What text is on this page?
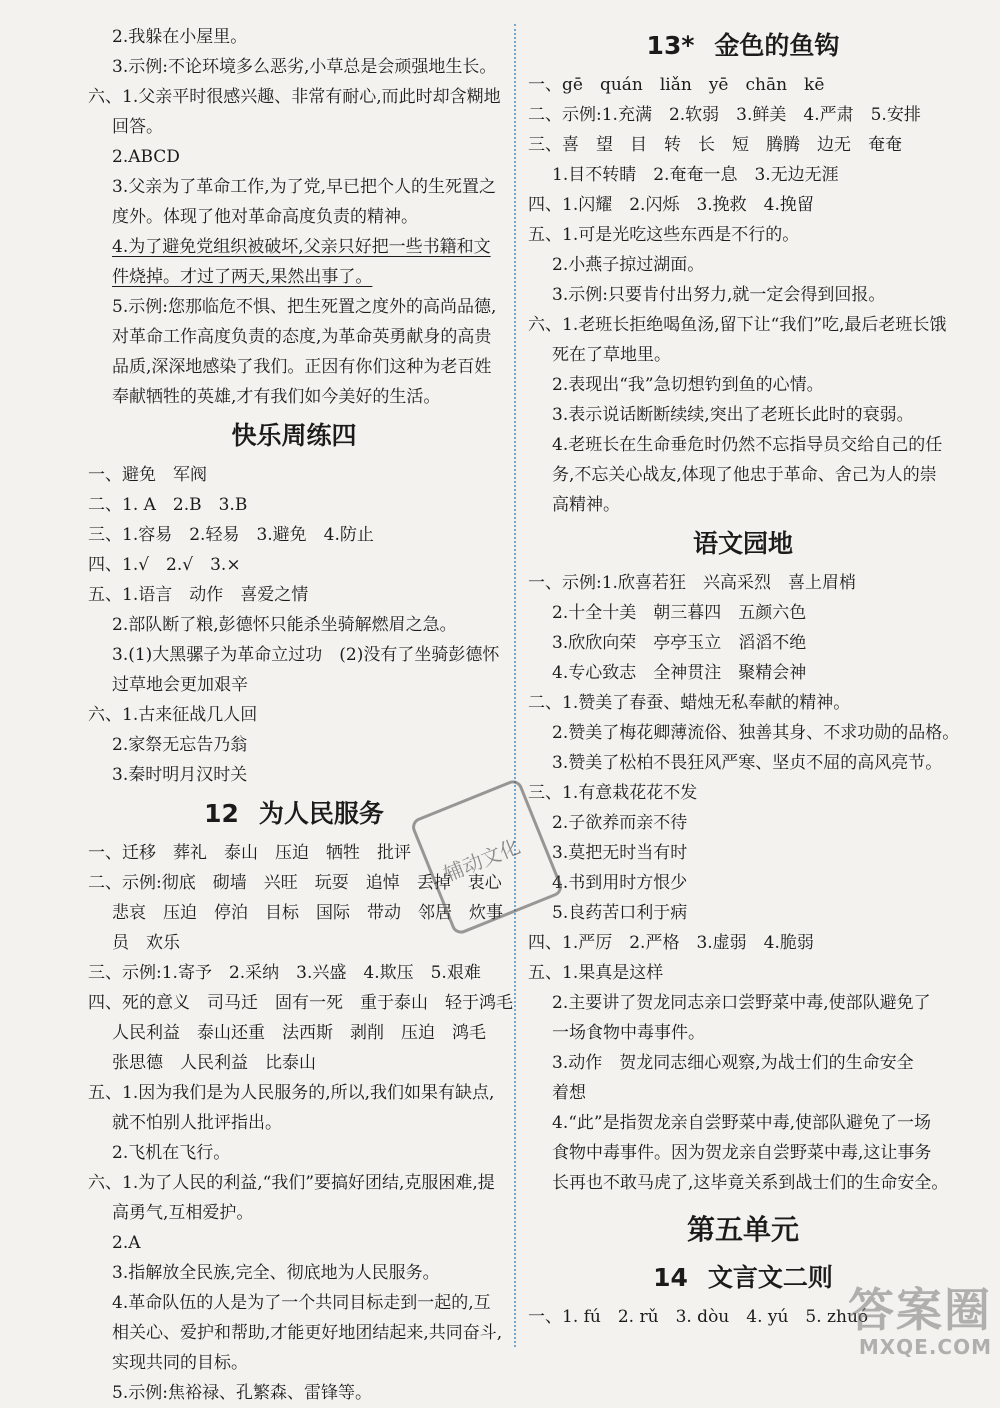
2.我躲在小屋里。
3.示例:不论环境多么恶劣,小草总是会顽强地生长。
六、1.父亲平时很感兴趣、非常有耐心,而此时却含糊地
回答。
2.ABCD
3.父亲为了革命工作,为了党,早已把个人的生死置之
度外。体现了他对革命高度负责的精神。
4.为了避免党组织被破坏,父亲只好把一些书籍和文
件烧掉。才过了两天,果然出事了。
5.示例:您那临危不惧、把生死置之度外的高尚品德,
对革命工作高度负责的态度,为革命英勇献身的高贵
品质,深深地感染了我们。正因有你们这种为老百姓
奉献牺牲的英雄,才有我们如今美好的生活。
快乐周练四
一、避免　军阀
二、1. A　2.B　3.B
三、1.容易　2.轻易　3.避免　4.防止
四、1.√　2.√　3.×
五、1.语言　动作　喜爱之情
2.部队断了粮,彭德怀只能杀坐骑解燃眉之急。
3.(1)大黑骡子为革命立过功　(2)没有了坐骑彭德怀
过草地会更加艰辛
六、1.古来征战几人回
2.家祭无忘告乃翁
3.秦时明月汉时关
12 为人民服务
一、迁移　葬礼　泰山　压迫　牺牲　批评
二、示例:彻底　砌墙　兴旺　玩耍　追悼　丢掉　衷心
悲哀　压迫　停泊　目标　国际　带动　邻居　炊事
员　欢乐
三、示例:1.寄予　2.采纳　3.兴盛　4.欺压　5.艰难
四、死的意义　司马迁　固有一死　重于泰山　轻于鸿毛
人民利益　泰山还重　法西斯　剥削　压迫　鸿毛
张思德　人民利益　比泰山
五、1.因为我们是为人民服务的,所以,我们如果有缺点,
就不怕别人批评指出。
2.飞机在飞行。
六、1.为了人民的利益,“我们”要搞好团结,克服困难,提
高勇气,互相爱护。
2.A
3.指解放全民族,完全、彻底地为人民服务。
4.革命队伍的人是为了一个共同目标走到一起的,互
相关心、爱护和帮助,才能更好地团结起来,共同奋斗,
实现共同的目标。
5.示例:焦裕禄、孔繁森、雷锋等。
13* 金色的鱼钩
一、gē　quán　liǎn　yē　chān　kē
二、示例:1.充满　2.软弱　3.鲜美　4.严肃　5.安排
三、喜　望　目　转　长　短　腾腾　边无　奄奄
1.目不转睛　2.奄奄一息　3.无边无涯
四、1.闪耀　2.闪烁　3.挽救　4.挽留
五、1.可是光吃这些东西是不行的。
2.小燕子掠过湖面。
3.示例:只要肯付出努力,就一定会得到回报。
六、1.老班长拒绝喝鱼汤,留下让“我们”吃,最后老班长饿
死在了草地里。
2.表现出“我”急切想钓到鱼的心情。
3.表示说话断断续续,突出了老班长此时的衰弱。
4.老班长在生命垂危时仍然不忘指导员交给自己的任
务,不忘关心战友,体现了他忠于革命、舍己为人的崇
高精神。
语文园地
一、示例:1.欣喜若狂　兴高采烈　喜上眉梢
2.十全十美　朝三暮四　五颜六色
3.欣欣向荣　亭亭玉立　滔滔不绝
4.专心致志　全神贯注　聚精会神
二、1.赞美了春蚕、蜡烛无私奉献的精神。
2.赞美了梅花卿薄流俗、独善其身、不求功勋的品格。
3.赞美了松柏不畏狂风严寒、坚贞不屈的高风亮节。
三、1.有意栽花花不发
2.子欲养而亲不待
3.莫把无时当有时
4.书到用时方恨少
5.良药苦口利于病
四、1.严厉　2.严格　3.虚弱　4.脆弱
五、1.果真是这样
2.主要讲了贺龙同志亲口尝野菜中毒,使部队避免了
一场食物中毒事件。
3.动作　贺龙同志细心观察,为战士们的生命安全
着想
4.“此”是指贺龙亲自尝野菜中毒,使部队避免了一场
食物中毒事件。因为贺龙亲自尝野菜中毒,这让事务
长再也不敢马虎了,这毕竟关系到战士们的生命安全。
第五单元
14 文言文二则
一、1. fú　2. rǔ　3. dòu　4. yú　5. zhuó
辅动文化
答案圈
MXQE.COM
